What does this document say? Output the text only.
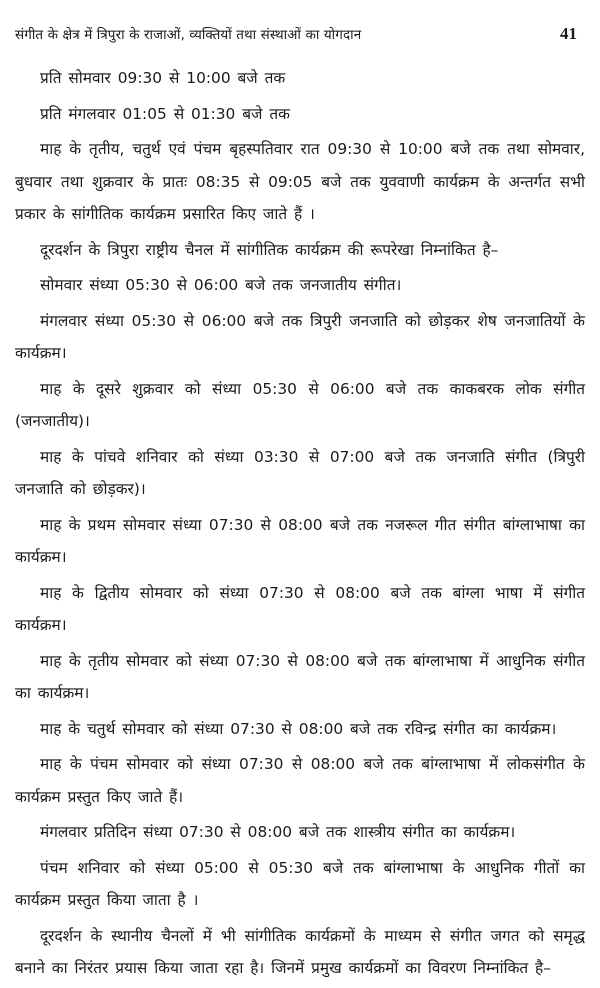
संगीत के क्षेत्र में त्रिपुरा के राजाओं, व्यक्तियों तथा संस्थाओं का योगदान	41

प्रति सोमवार 09:30 से 10:00 बजे तक

प्रति मंगलवार 01:05 से 01:30 बजे तक

माह के तृतीय, चतुर्थ एवं पंचम बृहस्पतिवार रात 09:30 से 10:00 बजे तक तथा सोमवार, बुधवार तथा शुक्रवार के प्रातः 08:35 से 09:05 बजे तक युववाणी कार्यक्रम के अन्तर्गत सभी प्रकार के सांगीतिक कार्यक्रम प्रसारित किए जाते हैं ।

दूरदर्शन के त्रिपुरा राष्ट्रीय चैनल में सांगीतिक कार्यक्रम की रूपरेखा निम्नांकित है–

सोमवार संध्या 05:30 से 06:00 बजे तक जनजातीय संगीत।

मंगलवार संध्या 05:30 से 06:00 बजे तक त्रिपुरी जनजाति को छोड़कर शेष जनजातियों के कार्यक्रम।

माह के दूसरे शुक्रवार को संध्या 05:30 से 06:00 बजे तक काकबरक लोक संगीत (जनजातीय)।

माह के पांचवे शनिवार को संध्या 03:30 से 07:00 बजे तक जनजाति संगीत (त्रिपुरी जनजाति को छोड़कर)।

माह के प्रथम सोमवार संध्या 07:30 से 08:00 बजे तक नजरूल गीत संगीत बांग्लाभाषा का कार्यक्रम।

माह के द्वितीय सोमवार को संध्या 07:30 से 08:00 बजे तक बांग्ला भाषा में संगीत कार्यक्रम।

माह के तृतीय सोमवार को संध्या 07:30 से 08:00 बजे तक बांग्लाभाषा में आधुनिक संगीत का कार्यक्रम।

माह के चतुर्थ सोमवार को संध्या 07:30 से 08:00 बजे तक रविन्द्र संगीत का कार्यक्रम।

माह के पंचम सोमवार को संध्या 07:30 से 08:00 बजे तक बांग्लाभाषा में लोकसंगीत के कार्यक्रम प्रस्तुत किए जाते हैं।

मंगलवार प्रतिदिन संध्या 07:30 से 08:00 बजे तक शास्त्रीय संगीत का कार्यक्रम।

पंचम शनिवार को संध्या 05:00 से 05:30 बजे तक बांग्लाभाषा के आधुनिक गीतों का कार्यक्रम प्रस्तुत किया जाता है ।

दूरदर्शन के स्थानीय चैनलों में भी सांगीतिक कार्यक्रमों के माध्यम से संगीत जगत को समृद्ध बनाने का निरंतर प्रयास किया जाता रहा है। जिनमें प्रमुख कार्यक्रमों का विवरण निम्नांकित है–
